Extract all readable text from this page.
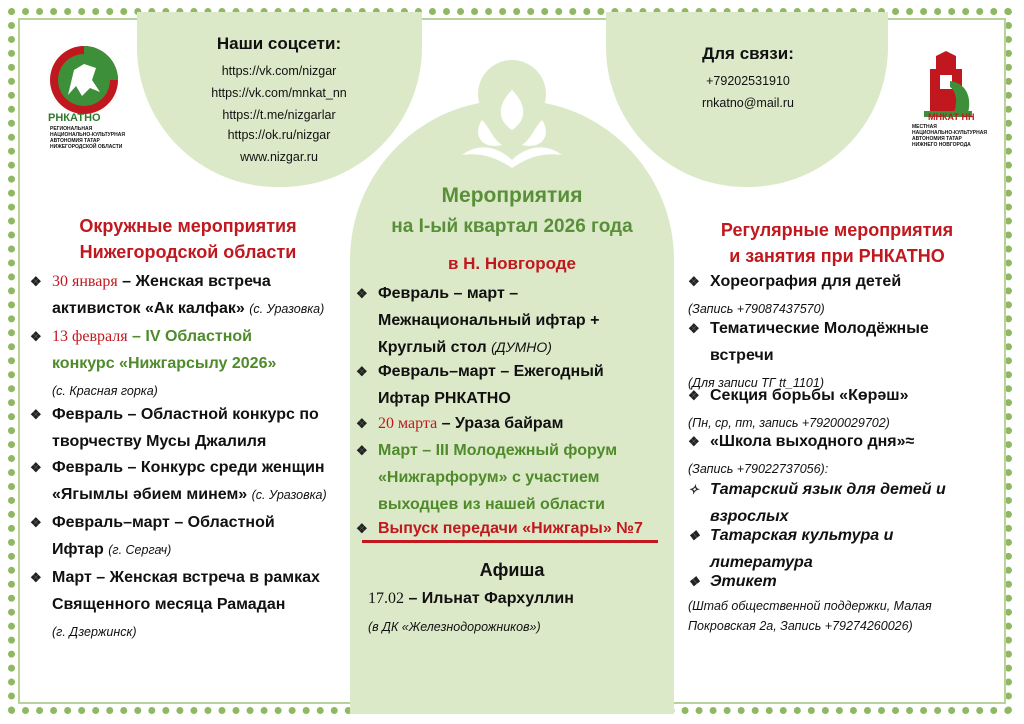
РНКАТНО
РЕГИОНАЛЬНАЯ
НАЦИОНАЛЬНО-КУЛЬТУРНАЯ
АВТОНОМИЯ ТАТАР
НИЖЕГОРОДСКОЙ ОБЛАСТИ
МНКАТ НН
МЕСТНАЯ
НАЦИОНАЛЬНО-КУЛЬТУРНАЯ
АВТОНОМИЯ ТАТАР
НИЖНЕГО НОВГОРОДА
Наши соцсети:
https://vk.com/nizgar
https://vk.com/mnkat_nn
https://t.me/nizgarlar
https://ok.ru/nizgar
www.nizgar.ru
Для связи:
+79202531910
rnkatno@mail.ru
Мероприятия
на I-ый квартал 2026 года
в Н. Новгороде
❖ Февраль – март –
Межнациональный ифтар +
Круглый стол (ДУМНО)
❖ Февраль–март – Ежегодный
Ифтар РНКАТНО
❖ 20 марта – Ураза байрам
❖ Март – III Молодежный форум
«Нижгарфорум» с участием
выходцев из нашей области
❖ Выпуск передачи «Нижгары» №7
Афиша
17.02 – Ильнат Фархуллин
(в ДК «Железнодорожников»)
Окружные мероприятия
Нижегородской области
❖ 30 января – Женская встреча
активисток «Ак калфак» (с. Уразовка)
❖ 13 февраля – IV Областной
конкурс «Нижгарсылу 2026»
(с. Красная горка)
❖ Февраль – Областной конкурс по
творчеству Мусы Джалиля
❖ Февраль – Конкурс среди женщин
«Ягымлы әбием минем» (с. Уразовка)
❖ Февраль–март – Областной
Ифтар (г. Сергач)
❖ Март – Женская встреча в рамках
Священного месяца Рамадан
(г. Дзержинск)
Регулярные мероприятия
и занятия при РНКАТНО
❖ Хореография для детей
(Запись +79087437570)
❖ Тематические Молодёжные
встречи
(Для записи ТГ tt_1101)
❖ Секция борьбы «Көрәш»
(Пн, ср, пт, запись +79200029702)
❖ «Школа выходного дня»≈
(Запись +79022737056):
✧ Татарский язык для детей и
взрослых
❖ Татарская культура и
литература
❖ Этикет
(Штаб общественной поддержки, Малая
Покровская 2а, Запись +79274260026)
